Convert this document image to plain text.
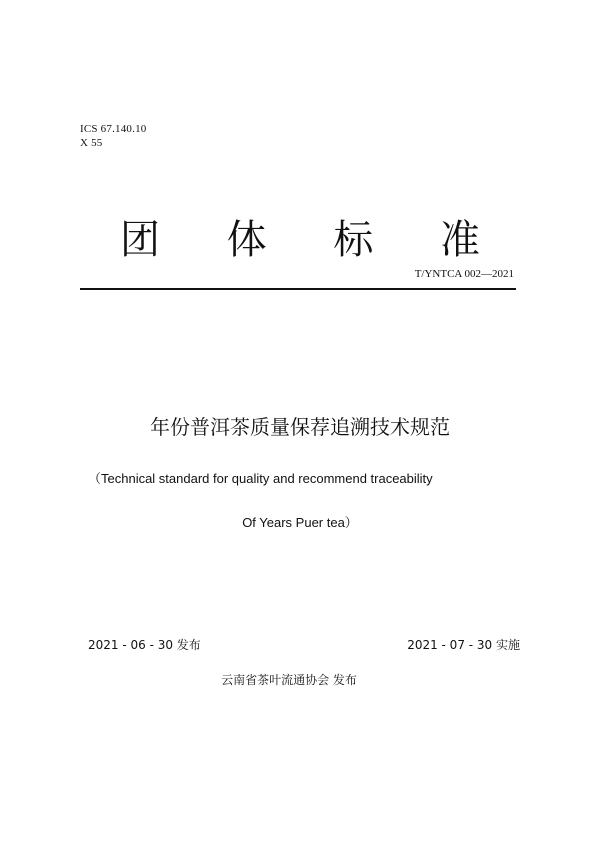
ICS 67.140.10
X 55
团 体 标 准
T/YNTCA 002—2021
年份普洱茶质量保荐追溯技术规范
（Technical standard for quality and recommend traceability
Of Years Puer tea）
2021 - 06 - 30 发布	2021 - 07 - 30 实施
云南省茶叶流通协会 发布
